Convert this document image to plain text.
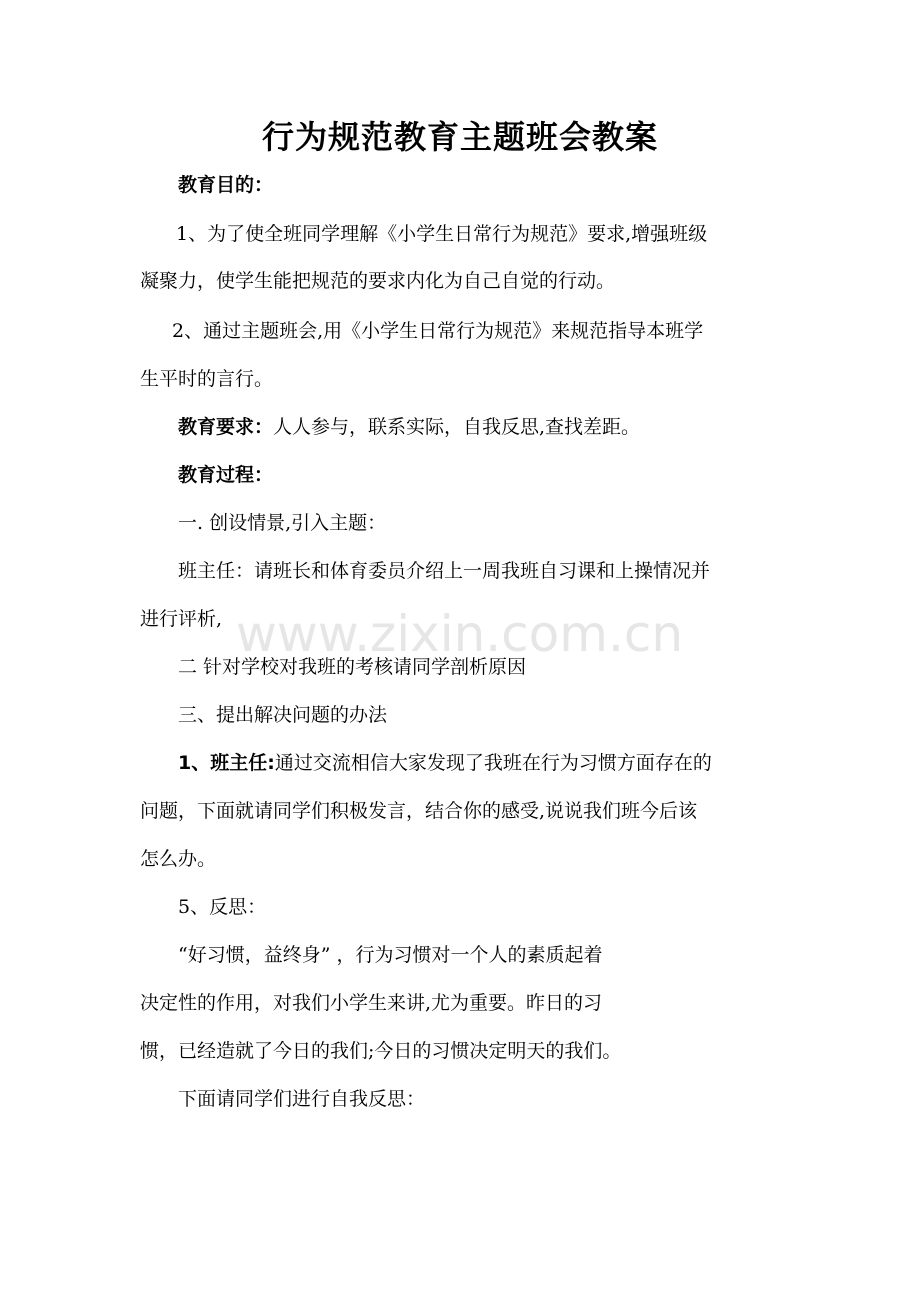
行为规范教育主题班会教案
教育目的：
1、为了使全班同学理解《小学生日常行为规范》要求,增强班级
凝聚力，使学生能把规范的要求内化为自己自觉的行动。
2、通过主题班会,用《小学生日常行为规范》来规范指导本班学
生平时的言行。
教育要求：人人参与，联系实际，自我反思,查找差距。
教育过程：
一. 创设情景,引入主题：
班主任：请班长和体育委员介绍上一周我班自习课和上操情况并
进行评析,
二 针对学校对我班的考核请同学剖析原因
三、提出解决问题的办法
1、班主任:通过交流相信大家发现了我班在行为习惯方面存在的
问题，下面就请同学们积极发言，结合你的感受,说说我们班今后该
怎么办。
5、反思：
“好习惯，益终身” ，行为习惯对一个人的素质起着
决定性的作用，对我们小学生来讲,尤为重要。昨日的习
惯，已经造就了今日的我们;今日的习惯决定明天的我们。
下面请同学们进行自我反思：
www.zixin.com.cn
